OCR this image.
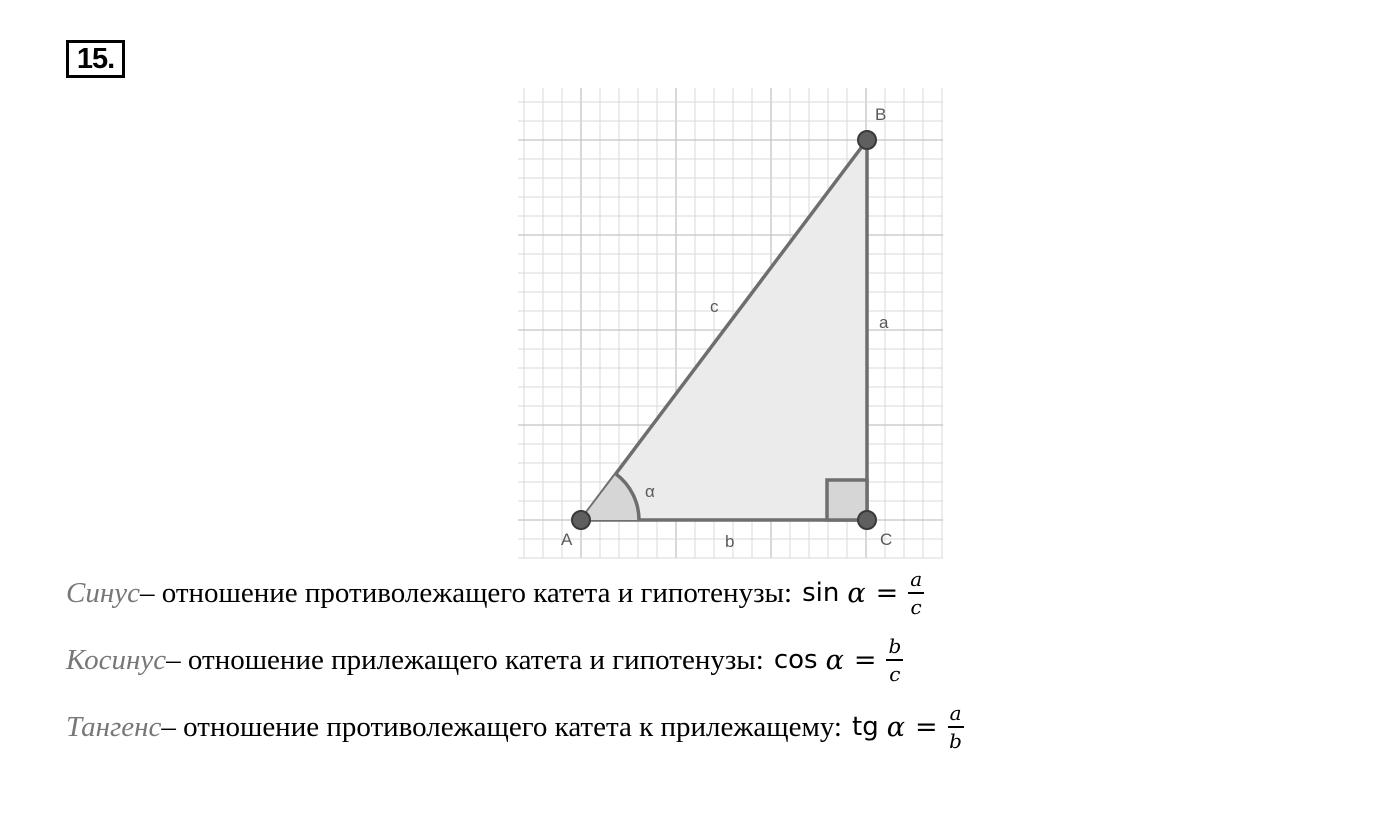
15.
A
B
C
a
b
c
α
Синус – отношение противолежащего катета и гипотенузы: $\sin \alpha = \frac{a}{c}$
Косинус – отношение прилежащего катета и гипотенузы: $\cos \alpha = \frac{b}{c}$
Тангенс – отношение противолежащего катета к прилежащему: tg $\alpha = \frac{a}{b}$
